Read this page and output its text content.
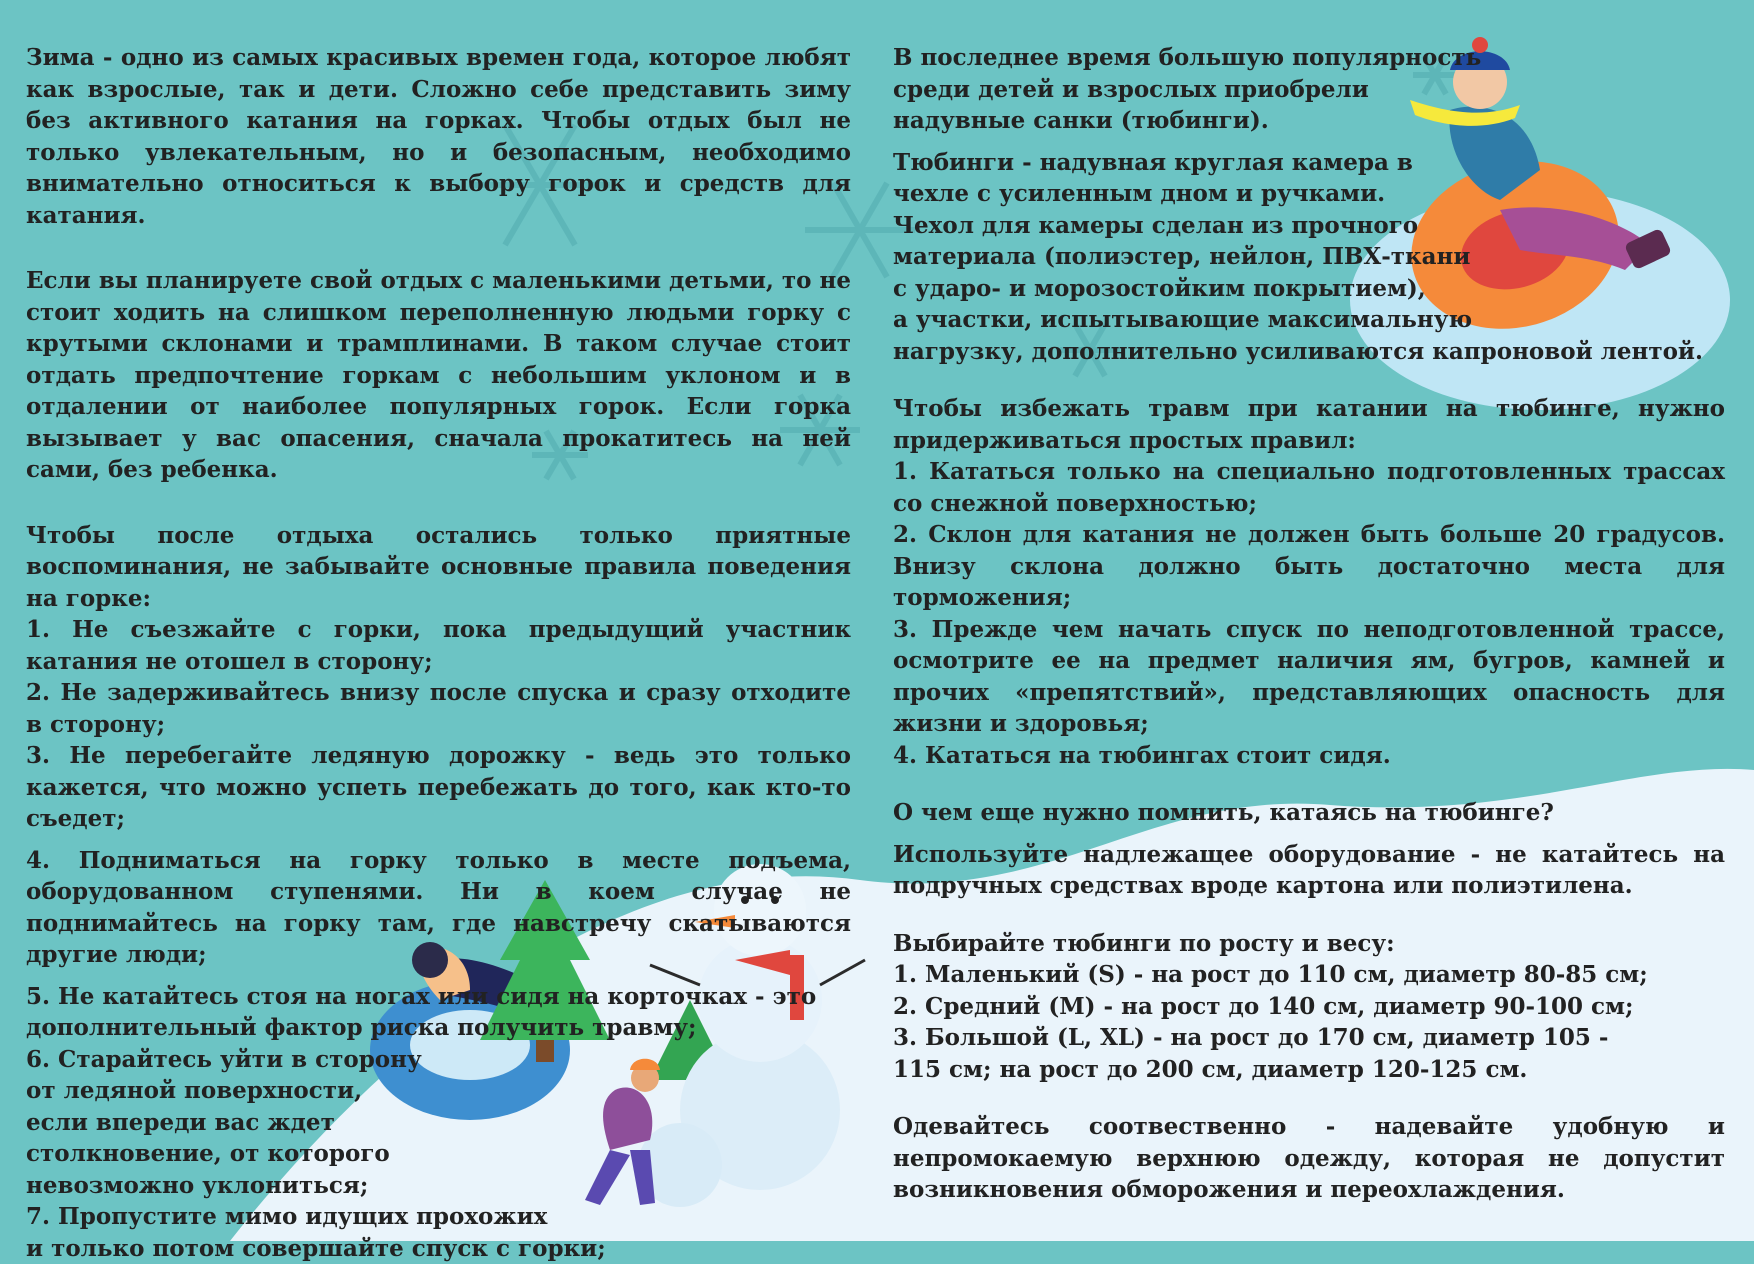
Зима - одно из самых красивых времен года, которое любят как взрослые, так и дети. Сложно себе представить зиму без активного катания на горках. Чтобы отдых был не только увлекательным, но и безопасным, необходимо внимательно относиться к выбору горок и средств для катания.

Если вы планируете свой отдых с маленькими детьми, то не стоит ходить на слишком переполненную людьми горку с крутыми склонами и трамплинами. В таком случае стоит отдать предпочтение горкам с небольшим уклоном и в отдалении от наиболее популярных горок. Если горка вызывает у вас опасения, сначала прокатитесь на ней сами, без ребенка.

Чтобы после отдыха остались только приятные воспоминания, не забывайте основные правила поведения на горке:

1. Не съезжайте с горки, пока предыдущий участник катания не отошел в сторону;

2. Не задерживайтесь внизу после спуска и сразу отходите в сторону;

3. Не перебегайте ледяную дорожку - ведь это только кажется, что можно успеть перебежать до того, как кто-то съедет;

4. Подниматься на горку только в месте подъема, оборудованном ступенями. Ни в коем случае не поднимайтесь на горку там, где навстречу скатываются другие люди;

5. Не катайтесь стоя на ногах или сидя на корточках - это дополнительный фактор риска получить травму;

6. Старайтесь уйти в сторону
от ледяной поверхности,
если впереди вас ждет
столкновение, от которого
невозможно уклониться;

7. Пропустите мимо идущих прохожих
и только потом совершайте спуск с горки;

В последнее время большую популярность
среди детей и взрослых приобрели
надувные санки (тюбинги).

Тюбинги - надувная круглая камера в
чехле с усиленным дном и ручками.
Чехол для камеры сделан из прочного
материала (полиэстер, нейлон, ПВХ-ткани
с ударо- и морозостойким покрытием),
а участки, испытывающие максимальную
нагрузку, дополнительно усиливаются капроновой лентой.

Чтобы избежать травм при катании на тюбинге, нужно придерживаться простых правил:

1. Кататься только на специально подготовленных трассах со снежной поверхностью;

2. Склон для катания не должен быть больше 20 градусов. Внизу склона должно быть достаточно места для торможения;

3. Прежде чем начать спуск по неподготовленной трассе, осмотрите ее на предмет наличия ям, бугров, камней и прочих «препятствий», представляющих опасность для жизни и здоровья;

4. Кататься на тюбингах стоит сидя.

О чем еще нужно помнить, катаясь на тюбинге?

Используйте надлежащее оборудование - не катайтесь на подручных средствах вроде картона или полиэтилена.

Выбирайте тюбинги по росту и весу:

1. Маленький (S) - на рост до 110 см, диаметр 80-85 см;
2. Средний (M) - на рост до 140 см, диаметр 90-100 см;
3. Большой (L, XL) - на рост до 170 см, диаметр 105 -
115 см; на рост до 200 см, диаметр 120-125 см.

Одевайтесь соотвественно - надевайте удобную и непромокаемую верхнюю одежду, которая не допустит возникновения обморожения и переохлаждения.
